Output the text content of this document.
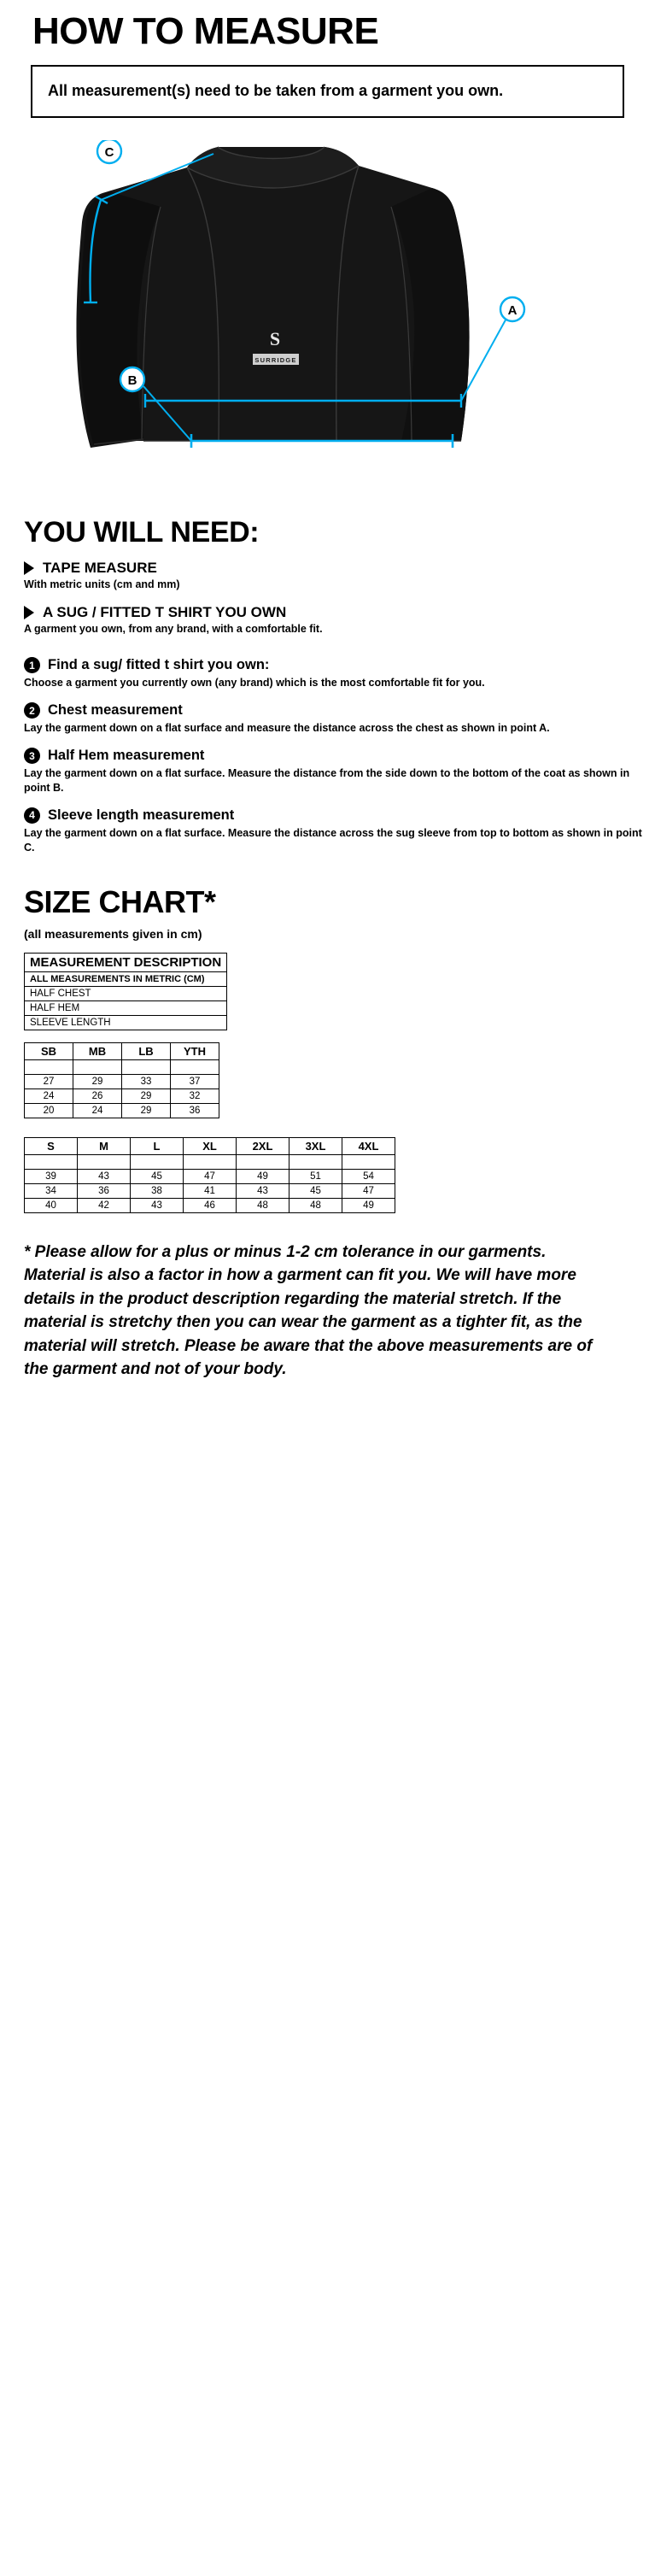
HOW TO MEASURE
All measurement(s) need to be taken from a garment you own.
S
SURRIDGE
A
B
C
YOU WILL NEED:
TAPE MEASURE
With metric units (cm and mm)
A SUG / FITTED T SHIRT YOU OWN
A garment you own, from any brand, with a comfortable fit.
1 Find a sug/ fitted t shirt you own:
Choose a garment you currently own (any brand) which is the most comfortable fit for you.
2 Chest measurement
Lay the garment down on a flat surface and measure the distance across the chest as shown in point A.
3 Half Hem measurement
Lay the garment down on a flat surface. Measure the distance from the side down to the bottom of the coat as shown in point B.
4 Sleeve length measurement
Lay the garment down on a flat surface. Measure the distance across the sug sleeve from top to bottom as shown in point C.
SIZE CHART*
(all measurements given in cm)
MEASUREMENT DESCRIPTION
ALL MEASUREMENTS IN METRIC (CM)
HALF CHEST
HALF HEM
SLEEVE LENGTH
SB	MB	LB	YTH

27	29	33	37
24	26	29	32
20	24	29	36
S	M	L	XL	2XL	3XL	4XL

39	43	45	47	49	51	54
34	36	38	41	43	45	47
40	42	43	46	48	48	49
* Please allow for a plus or minus 1-2 cm tolerance in our garments. Material is also a factor in how a garment can fit you. We will have more details in the product description regarding the material stretch. If the material is stretchy then you can wear the garment as a tighter fit, as the material will stretch. Please be aware that the above measurements are of the garment and not of your body.
